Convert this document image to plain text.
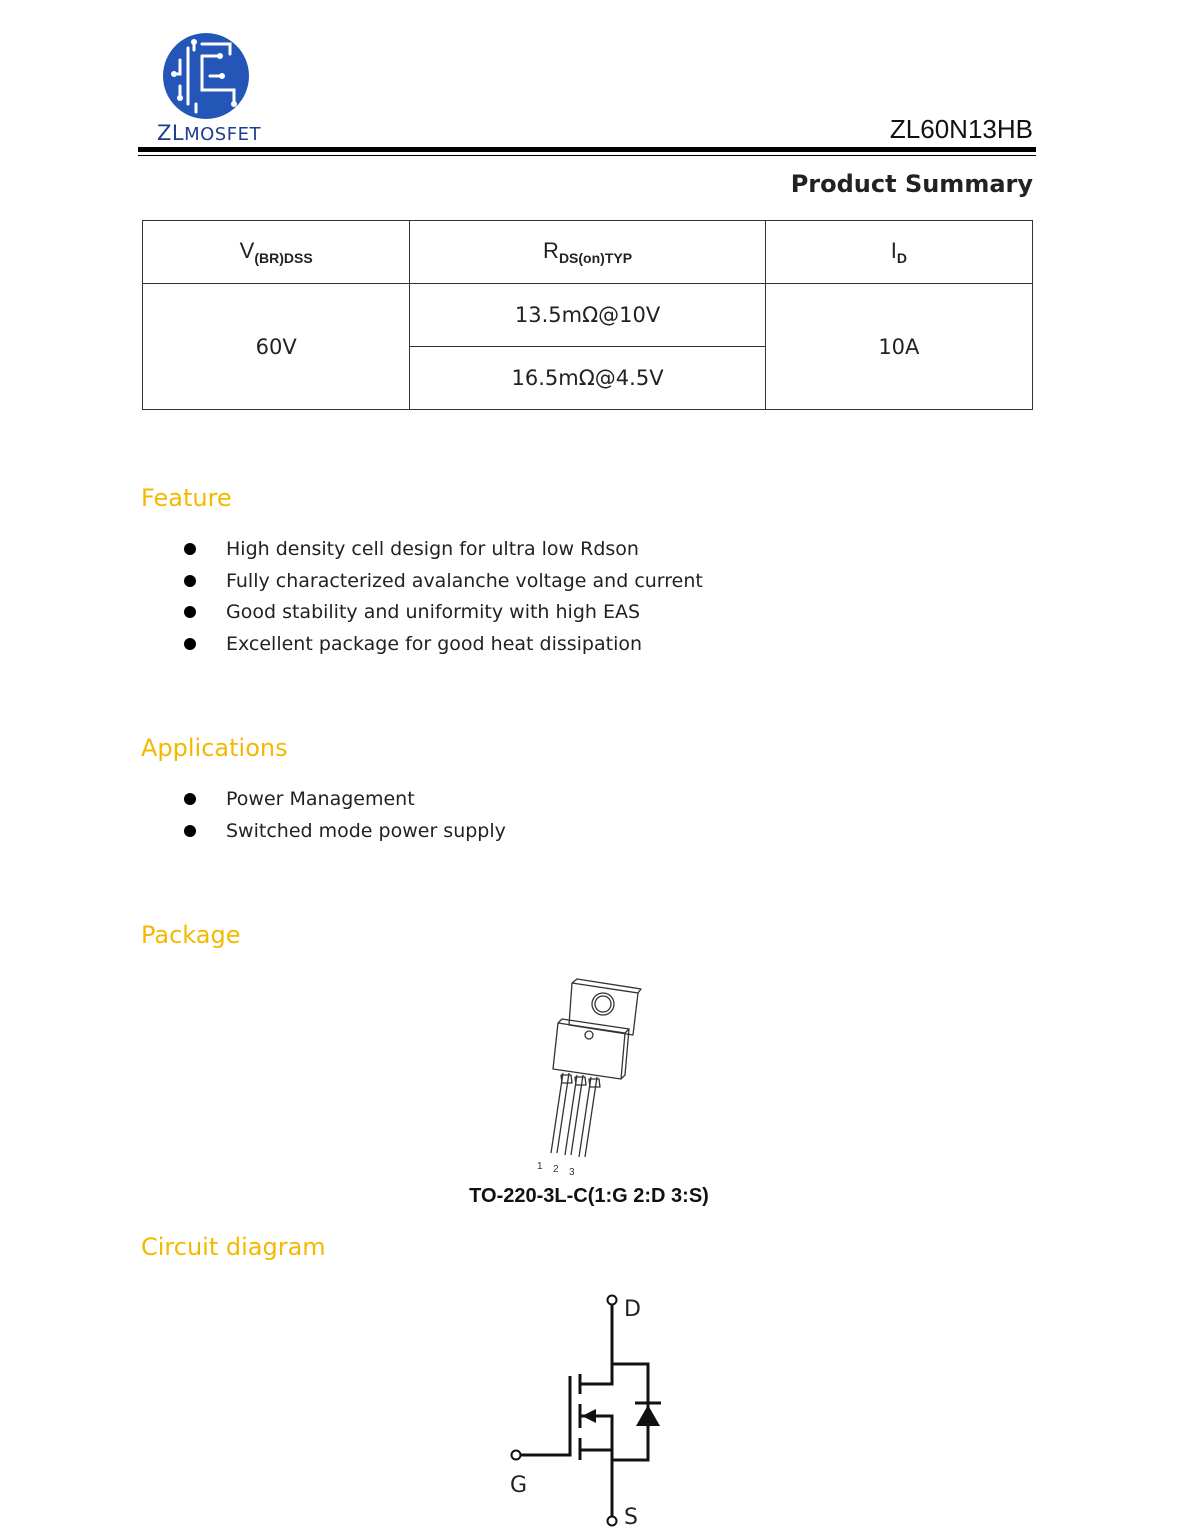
ZLMOSFET	ZL60N13HB
Product Summary
$V_{(BR)DSS}$	$R_{DS(on)TYP}$	$I_D$
60V	13.5mΩ@10V	10A
	16.5mΩ@4.5V	
Feature
High density cell design for ultra low Rdson
Fully characterized avalanche voltage and current
Good stability and uniformity with high EAS
Excellent package for good heat dissipation
Applications
Power Management
Switched mode power supply
Package
1 2 3
TO-220-3L-C(1:G 2:D 3:S)
Circuit diagram
D
G
S
